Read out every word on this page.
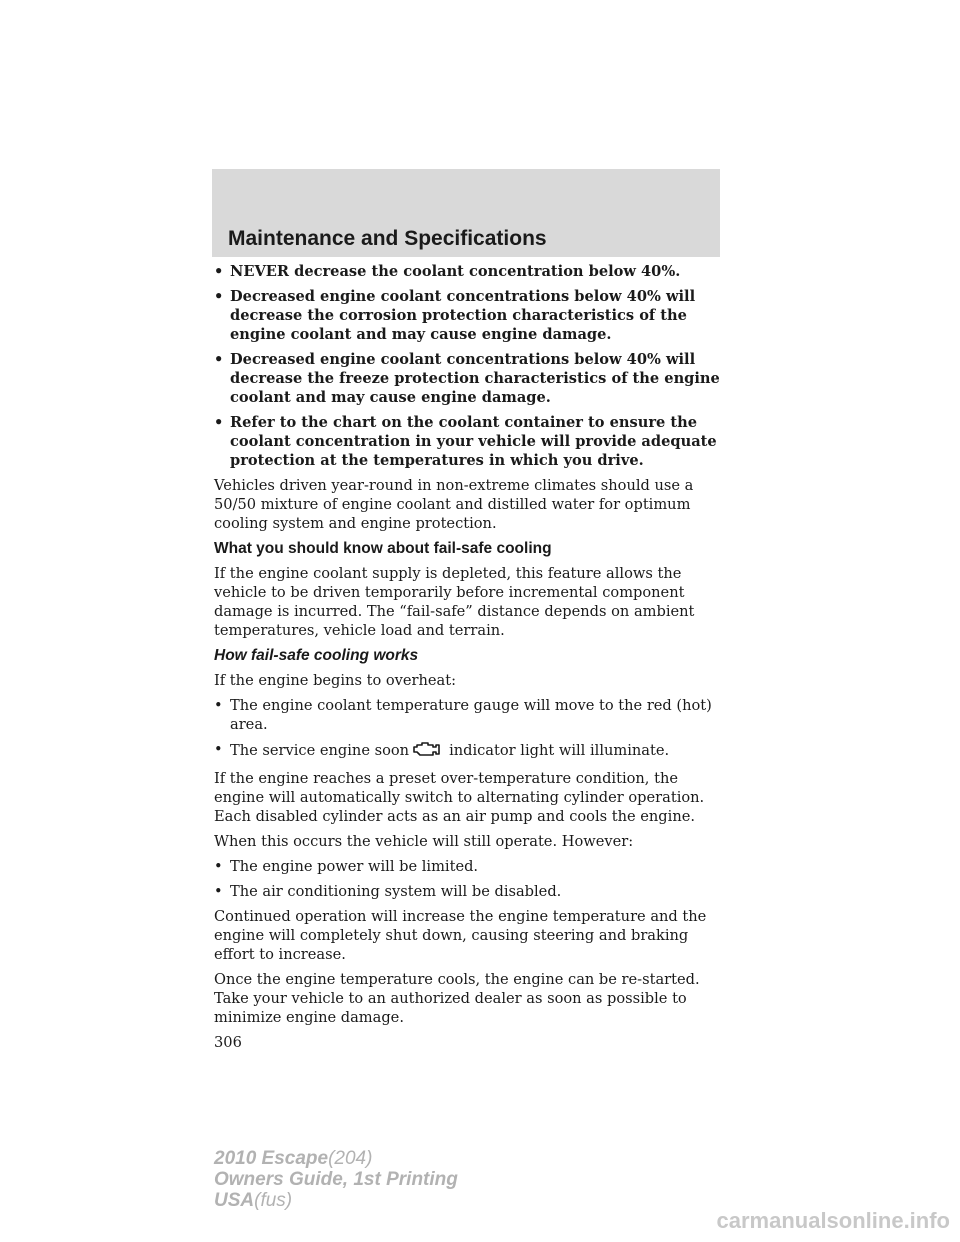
Maintenance and Specifications
• NEVER decrease the coolant concentration below 40%.
• Decreased engine coolant concentrations below 40% will decrease the corrosion protection characteristics of the engine coolant and may cause engine damage.
• Decreased engine coolant concentrations below 40% will decrease the freeze protection characteristics of the engine coolant and may cause engine damage.
• Refer to the chart on the coolant container to ensure the coolant concentration in your vehicle will provide adequate protection at the temperatures in which you drive.

Vehicles driven year-round in non-extreme climates should use a 50/50 mixture of engine coolant and distilled water for optimum cooling system and engine protection.

What you should know about fail-safe cooling

If the engine coolant supply is depleted, this feature allows the vehicle to be driven temporarily before incremental component damage is incurred. The “fail-safe” distance depends on ambient temperatures, vehicle load and terrain.

How fail-safe cooling works

If the engine begins to overheat:

• The engine coolant temperature gauge will move to the red (hot) area.
• The service engine soon	indicator light will illuminate.

If the engine reaches a preset over-temperature condition, the engine will automatically switch to alternating cylinder operation. Each disabled cylinder acts as an air pump and cools the engine.

When this occurs the vehicle will still operate. However:

• The engine power will be limited.
• The air conditioning system will be disabled.

Continued operation will increase the engine temperature and the engine will completely shut down, causing steering and braking effort to increase.

Once the engine temperature cools, the engine can be re-started. Take your vehicle to an authorized dealer as soon as possible to minimize engine damage.

306
2010 Escape(204)
Owners Guide, 1st Printing
USA(fus)
carmanualsonline.info
